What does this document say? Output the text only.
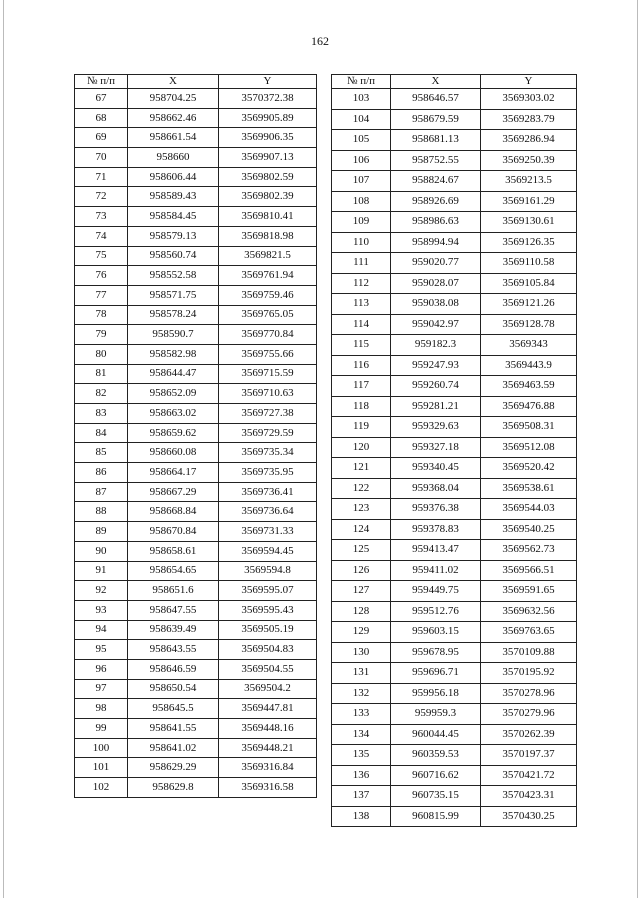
162
№ п/п	X	Y
67	958704.25	3570372.38
68	958662.46	3569905.89
69	958661.54	3569906.35
70	958660	3569907.13
71	958606.44	3569802.59
72	958589.43	3569802.39
73	958584.45	3569810.41
74	958579.13	3569818.98
75	958560.74	3569821.5
76	958552.58	3569761.94
77	958571.75	3569759.46
78	958578.24	3569765.05
79	958590.7	3569770.84
80	958582.98	3569755.66
81	958644.47	3569715.59
82	958652.09	3569710.63
83	958663.02	3569727.38
84	958659.62	3569729.59
85	958660.08	3569735.34
86	958664.17	3569735.95
87	958667.29	3569736.41
88	958668.84	3569736.64
89	958670.84	3569731.33
90	958658.61	3569594.45
91	958654.65	3569594.8
92	958651.6	3569595.07
93	958647.55	3569595.43
94	958639.49	3569505.19
95	958643.55	3569504.83
96	958646.59	3569504.55
97	958650.54	3569504.2
98	958645.5	3569447.81
99	958641.55	3569448.16
100	958641.02	3569448.21
101	958629.29	3569316.84
102	958629.8	3569316.58
№ п/п	X	Y
103	958646.57	3569303.02
104	958679.59	3569283.79
105	958681.13	3569286.94
106	958752.55	3569250.39
107	958824.67	3569213.5
108	958926.69	3569161.29
109	958986.63	3569130.61
110	958994.94	3569126.35
111	959020.77	3569110.58
112	959028.07	3569105.84
113	959038.08	3569121.26
114	959042.97	3569128.78
115	959182.3	3569343
116	959247.93	3569443.9
117	959260.74	3569463.59
118	959281.21	3569476.88
119	959329.63	3569508.31
120	959327.18	3569512.08
121	959340.45	3569520.42
122	959368.04	3569538.61
123	959376.38	3569544.03
124	959378.83	3569540.25
125	959413.47	3569562.73
126	959411.02	3569566.51
127	959449.75	3569591.65
128	959512.76	3569632.56
129	959603.15	3569763.65
130	959678.95	3570109.88
131	959696.71	3570195.92
132	959956.18	3570278.96
133	959959.3	3570279.96
134	960044.45	3570262.39
135	960359.53	3570197.37
136	960716.62	3570421.72
137	960735.15	3570423.31
138	960815.99	3570430.25
